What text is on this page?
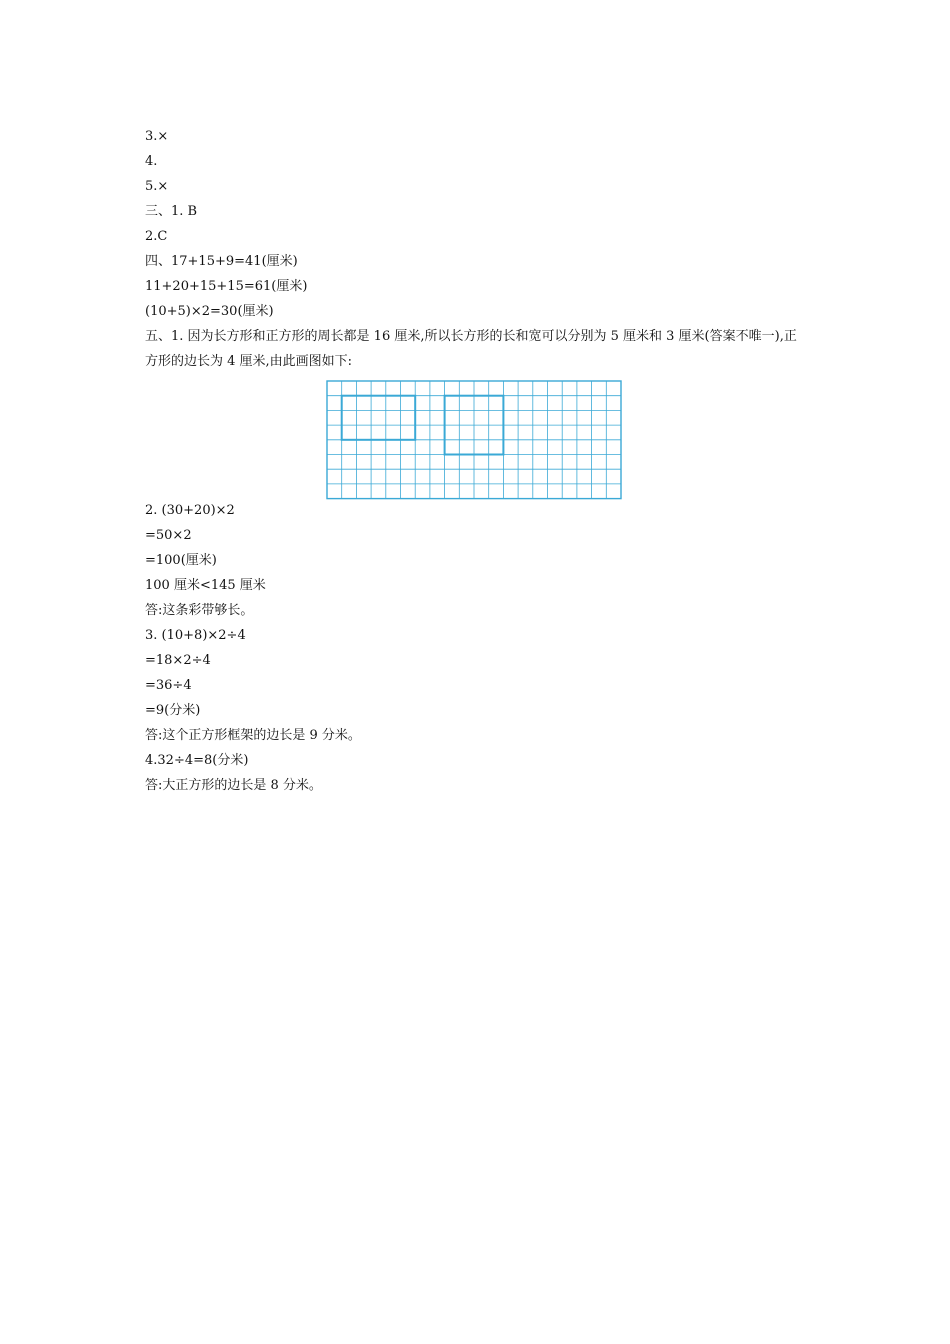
3.×
4.
5.×
三、1. B
2.C
四、17+15+9=41(厘米)
11+20+15+15=61(厘米)
(10+5)×2=30(厘米)
五、1. 因为长方形和正方形的周长都是 16 厘米,所以长方形的长和宽可以分别为 5 厘米和 3 厘米(答案不唯一),正方形的边长为 4 厘米,由此画图如下:
2. (30+20)×2
=50×2
=100(厘米)
100 厘米<145 厘米
答:这条彩带够长。
3. (10+8)×2÷4
=18×2÷4
=36÷4
=9(分米)
答:这个正方形框架的边长是 9 分米。
4.32÷4=8(分米)
答:大正方形的边长是 8 分米。
